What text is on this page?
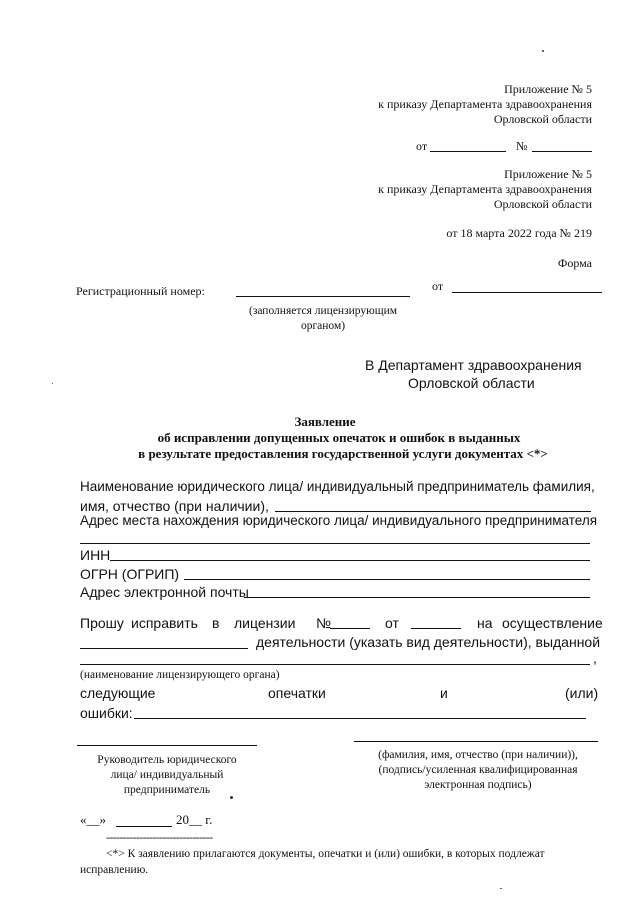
Приложение № 5
к приказу Департамента здравоохранения
Орловской области
от	№
Приложение № 5
к приказу Департамента здравоохранения
Орловской области
от 18 марта 2022 года № 219
Форма
Регистрационный номер:	от
(заполняется лицензирующим
органом)
В Департамент здравоохранения
Орловской области
Заявление
об исправлении допущенных опечаток и ошибок в выданных
в результате предоставления государственной услуги документах <*>
Наименование юридического лица/ индивидуальный предприниматель фамилия,
имя, отчество (при наличии),
Адрес места нахождения юридического лица/ индивидуального предпринимателя
ИНН
ОГРН (ОГРИП)
Адрес электронной почты
Прошу исправить в лицензии №	от	на осуществление
деятельности (указать вид деятельности), выданной
,
(наименование лицензирующего органа)
следующие	опечатки	и	(или)
ошибки:
Руководитель юридического
лица/ индивидуальный
предприниматель
(фамилия, имя, отчество (при наличии)),
(подпись/усиленная квалифицированная
электронная подпись)
«__»	20__ г.
--------------------------------
<*> К заявлению прилагаются документы, опечатки и (или) ошибки, в которых подлежат
исправлению.
